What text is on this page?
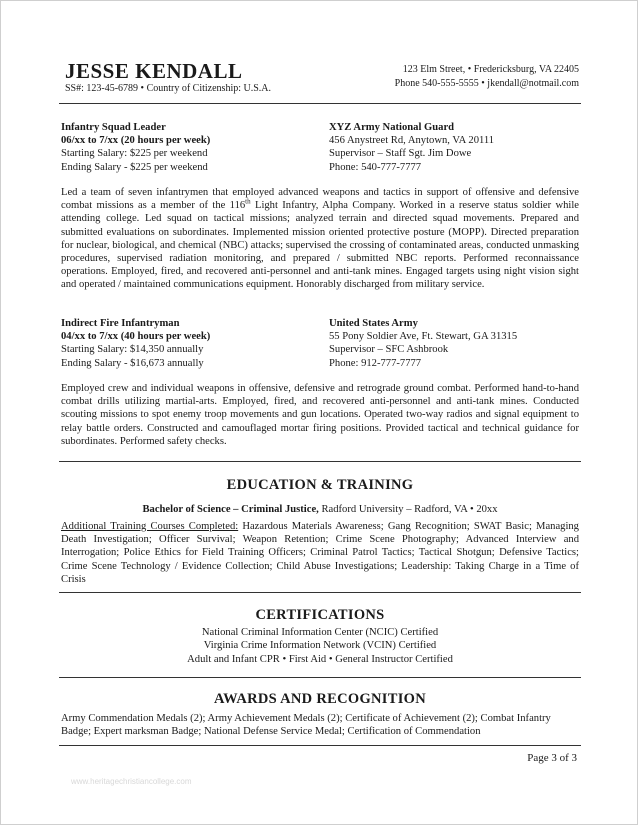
JESSE KENDALL
SS#: 123-45-6789 • Country of Citizenship: U.S.A.
123 Elm Street, • Fredericksburg, VA 22405
Phone 540-555-5555 • jkendall@notmail.com
Infantry Squad Leader
06/xx to 7/xx (20 hours per week)
Starting Salary: $225 per weekend
Ending Salary - $225 per weekend
XYZ Army National Guard
456 Anystreet Rd, Anytown, VA 20111
Supervisor – Staff Sgt. Jim Dowe
Phone: 540-777-7777
Led a team of seven infantrymen that employed advanced weapons and tactics in support of offensive and defensive combat missions as a member of the 116th Light Infantry, Alpha Company. Worked in a reserve status soldier while attending college. Led squad on tactical missions; analyzed terrain and directed squad movements. Prepared and submitted evaluations on subordinates. Implemented mission oriented protective posture (MOPP). Directed preparation for nuclear, biological, and chemical (NBC) attacks; supervised the crossing of contaminated areas, conducted unmasking procedures, supervised radiation monitoring, and prepared / submitted NBC reports. Performed reconnaissance operations. Employed, fired, and recovered anti-personnel and anti-tank mines. Engaged targets using night vision sight and operated / maintained communications equipment. Honorably discharged from military service.
Indirect Fire Infantryman
04/xx to 7/xx (40 hours per week)
Starting Salary: $14,350 annually
Ending Salary - $16,673 annually
United States Army
55 Pony Soldier Ave, Ft. Stewart, GA 31315
Supervisor – SFC Ashbrook
Phone: 912-777-7777
Employed crew and individual weapons in offensive, defensive and retrograde ground combat. Performed hand-to-hand combat drills utilizing martial-arts. Employed, fired, and recovered anti-personnel and anti-tank mines. Conducted scouting missions to spot enemy troop movements and gun locations. Operated two-way radios and signal equipment to relay battle orders. Constructed and camouflaged mortar firing positions. Provided tactical and technical guidance for subordinates. Performed safety checks.
EDUCATION & TRAINING
Bachelor of Science – Criminal Justice, Radford University – Radford, VA • 20xx
Additional Training Courses Completed: Hazardous Materials Awareness; Gang Recognition; SWAT Basic; Managing Death Investigation; Officer Survival; Weapon Retention; Crime Scene Photography; Advanced Interview and Interrogation; Police Ethics for Field Training Officers; Criminal Patrol Tactics; Tactical Shotgun; Defensive Tactics; Crime Scene Technology / Evidence Collection; Child Abuse Investigations; Leadership: Taking Charge in a Time of Crisis
CERTIFICATIONS
National Criminal Information Center (NCIC) Certified
Virginia Crime Information Network (VCIN) Certified
Adult and Infant CPR • First Aid • General Instructor Certified
AWARDS AND RECOGNITION
Army Commendation Medals (2); Army Achievement Medals (2); Certificate of Achievement (2); Combat Infantry Badge; Expert marksman Badge; National Defense Service Medal; Certification of Commendation
Page 3 of 3
www.heritagechristiancollege.com
